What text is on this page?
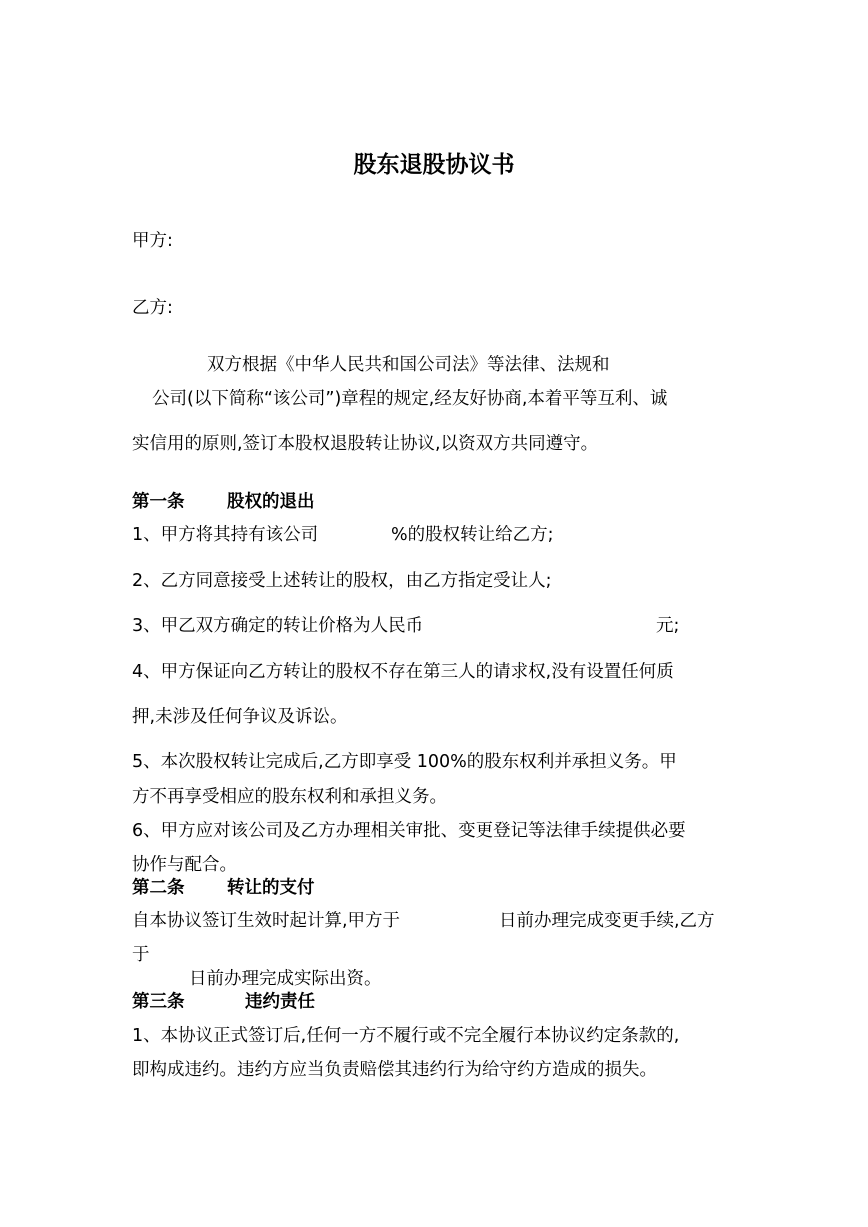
股东退股协议书
甲方:
乙方:
双方根据《中华人民共和国公司法》等法律、法规和
公司(以下简称“该公司”)章程的规定,经友好协商,本着平等互利、诚
实信用的原则,签订本股权退股转让协议,以资双方共同遵守。
第一条 股权的退出
1、甲方将其持有该公司	%的股权转让给乙方;
2、乙方同意接受上述转让的股权，由乙方指定受让人;
3、甲乙双方确定的转让价格为人民币	元;
4、甲方保证向乙方转让的股权不存在第三人的请求权,没有设置任何质
押,未涉及任何争议及诉讼。
5、本次股权转让完成后,乙方即享受 100%的股东权利并承担义务。甲
方不再享受相应的股东权利和承担义务。
6、甲方应对该公司及乙方办理相关审批、变更登记等法律手续提供必要
协作与配合。
第二条 转让的支付
自本协议签订生效时起计算,甲方于	日前办理完成变更手续,乙方
于
日前办理完成实际出资。
第三条	违约责任
1、本协议正式签订后,任何一方不履行或不完全履行本协议约定条款的,
即构成违约。违约方应当负责赔偿其违约行为给守约方造成的损失。
